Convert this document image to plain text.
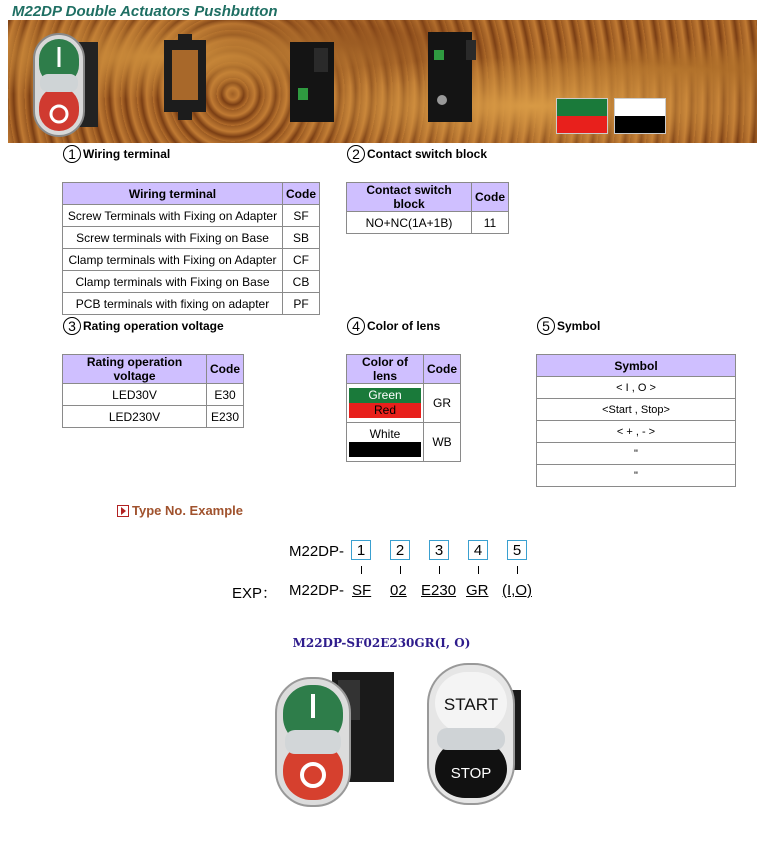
M22DP Double Actuators Pushbutton
1 Wiring terminal
Wiring terminal	Code
Screw Terminals with Fixing on Adapter	SF
Screw terminals with Fixing on Base	SB
Clamp terminals with Fixing on Adapter	CF
Clamp terminals with Fixing on Base	CB
PCB terminals with fixing on adapter	PF
2 Contact switch block
Contact switch block	Code
NO+NC(1A+1B)	11
3 Rating operation voltage
Rating operation voltage	Code
LED30V	E30
LED230V	E230
4 Color of lens
Color of lens	Code

Green
Red	GR

White	WB
5 Symbol
Symbol
< I , O >
<Start , Stop>
< + , - >
"
"
Type No. Example
M22DP- 1	2	3	4	5
EXP： M22DP- SF 02 E230 GR (I,O)
M22DP-SF02E230GR(I, O)
START
STOP
